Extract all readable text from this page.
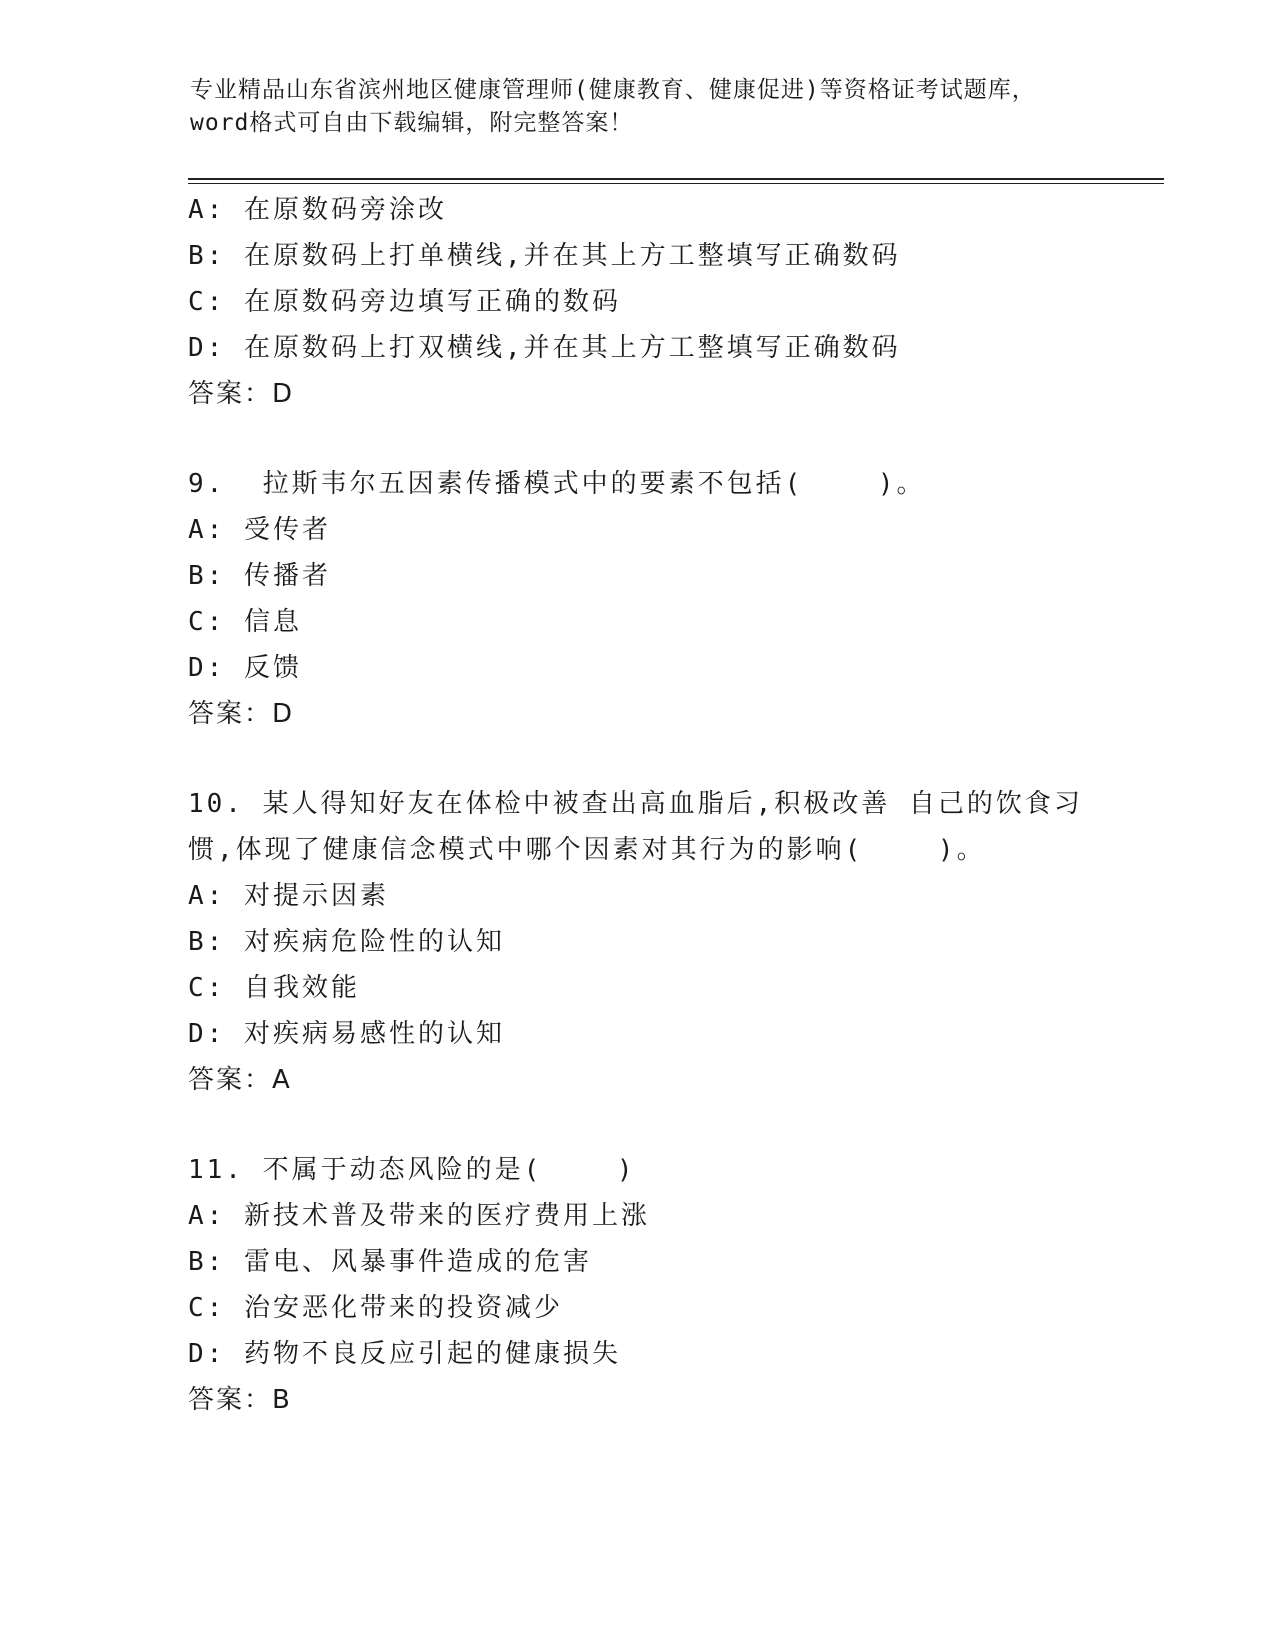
专业精品山东省滨州地区健康管理师(健康教育、健康促进)等资格证考试题库，
word格式可自由下载编辑，附完整答案！
A: 在原数码旁涂改
B: 在原数码上打单横线,并在其上方工整填写正确数码
C: 在原数码旁边填写正确的数码
D: 在原数码上打双横线,并在其上方工整填写正确数码
答案：D
9.  拉斯韦尔五因素传播模式中的要素不包括(    )。
A: 受传者
B: 传播者
C: 信息
D: 反馈
答案：D
10. 某人得知好友在体检中被查出高血脂后,积极改善 自己的饮食习
惯,体现了健康信念模式中哪个因素对其行为的影响(    )。
A: 对提示因素
B: 对疾病危险性的认知
C: 自我效能
D: 对疾病易感性的认知
答案：A
11. 不属于动态风险的是(    )
A: 新技术普及带来的医疗费用上涨
B: 雷电、风暴事件造成的危害
C: 治安恶化带来的投资减少
D: 药物不良反应引起的健康损失
答案：B
